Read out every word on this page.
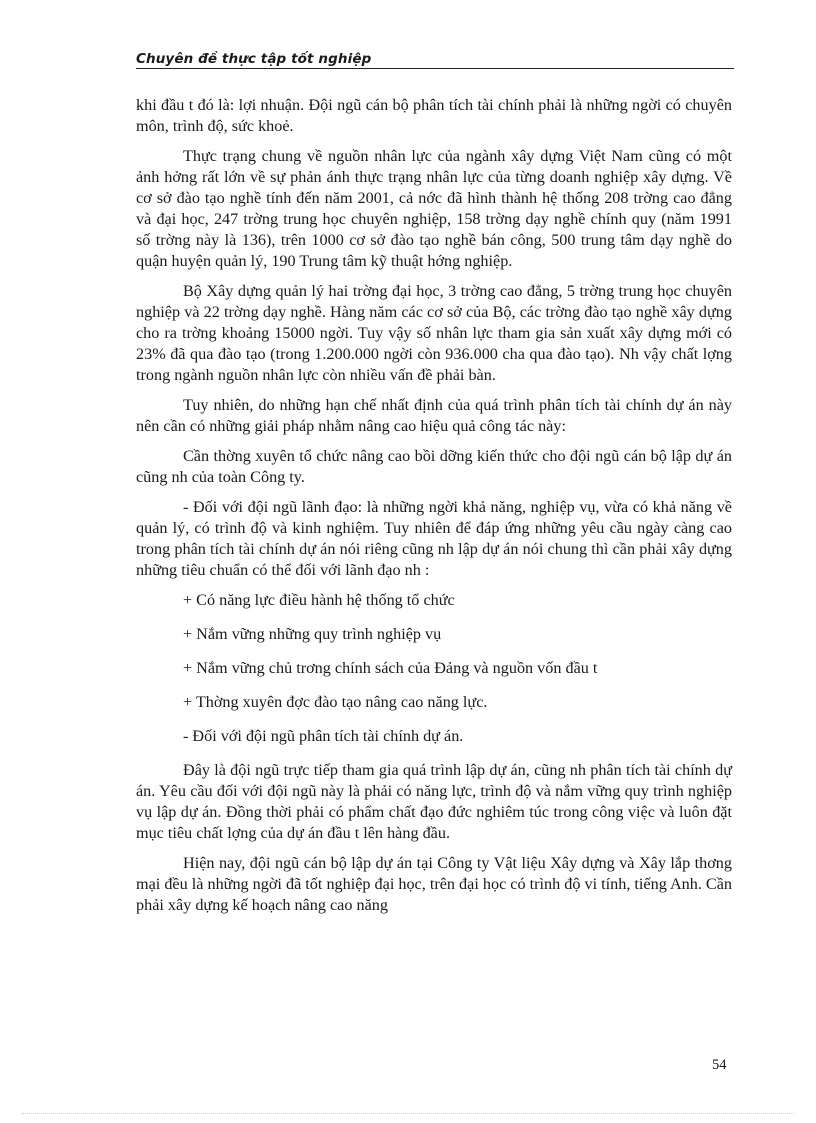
Chuyên đề thực tập tốt nghiệp

khi đầu t đó là: lợi nhuận. Đội ngũ cán bộ phân tích tài chính phải là những ngời có chuyên môn, trình độ, sức khoẻ.

Thực trạng chung về nguồn nhân lực của ngành xây dựng Việt Nam cũng có một ảnh hởng rất lớn về sự phản ánh thực trạng nhân lực của từng doanh nghiệp xây dựng. Về cơ sở đào tạo nghề tính đến năm 2001, cả nớc đã hình thành hệ thống 208 trờng cao đẳng và đại học, 247 trờng trung học chuyên nghiệp, 158 trờng dạy nghề chính quy (năm 1991 số trờng này là 136), trên 1000 cơ sở đào tạo nghề bán công, 500 trung tâm dạy nghề do quận huyện quản lý, 190 Trung tâm kỹ thuật hớng nghiệp.

Bộ Xây dựng quản lý hai trờng đại học, 3 trờng cao đẳng, 5 trờng trung học chuyên nghiệp và 22 trờng dạy nghề. Hàng năm các cơ sở của Bộ, các trờng đào tạo nghề xây dựng cho ra trờng khoảng 15000 ngời. Tuy vậy số nhân lực tham gia sản xuất xây dựng mới có 23% đã qua đào tạo (trong 1.200.000 ngời còn 936.000 cha qua đào tạo). Nh vậy chất lợng trong ngành nguồn nhân lực còn nhiều vấn đề phải bàn.

Tuy nhiên, do những hạn chế nhất định của quá trình phân tích tài chính dự án này nên cần có những giải pháp nhằm nâng cao hiệu quả công tác này:

Cần thờng xuyên tổ chức nâng cao bồi dỡng kiến thức cho đội ngũ cán bộ lập dự án cũng nh của toàn Công ty.

- Đối với đội ngũ lãnh đạo: là những ngời khả năng, nghiệp vụ, vừa có khả năng về quản lý, có trình độ và kinh nghiệm. Tuy nhiên để đáp ứng những yêu cầu ngày càng cao trong phân tích tài chính dự án nói riêng cũng nh lập dự án nói chung thì cần phải xây dựng những tiêu chuẩn có thể đối với lãnh đạo nh :

+ Có năng lực điều hành hệ thống tổ chức

+ Nắm vững những quy trình nghiệp vụ

+ Nắm vững chủ trơng chính sách của Đảng và nguồn vốn đầu t

+ Thờng xuyên đợc đào tạo nâng cao năng lực.

- Đối với đội ngũ phân tích tài chính dự án.

Đây là đội ngũ trực tiếp tham gia quá trình lập dự án, cũng nh phân tích tài chính dự án. Yêu cầu đối với đội ngũ này là phải có năng lực, trình độ và nắm vững quy trình nghiệp vụ lập dự án. Đồng thời phải có phẩm chất đạo đức nghiêm túc trong công việc và luôn đặt mục tiêu chất lợng của dự án đầu t lên hàng đầu.

Hiện nay, đội ngũ cán bộ lập dự án tại Công ty Vật liệu Xây dựng và Xây lắp thơng mại đều là những ngời đã tốt nghiệp đại học, trên đại học có trình độ vi tính, tiếng Anh. Cần phải xây dựng kế hoạch nâng cao năng

54
